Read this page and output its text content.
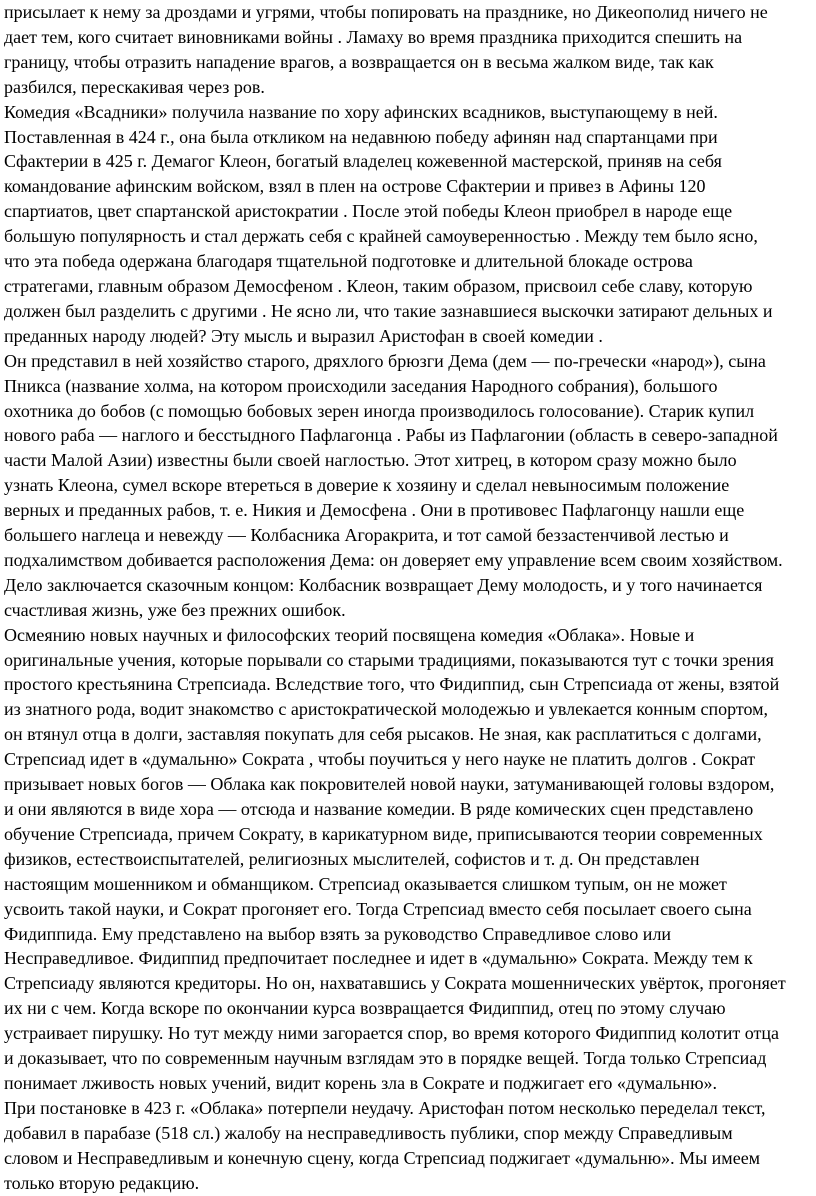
присылает к нему за дроздами и угрями, чтобы попировать на празднике, но Дикеополид ничего не
дает тем, кого считает виновниками войны . Ламаху во время праздника приходится спешить на
границу, чтобы отразить нападение врагов, а возвращается он в весьма жалком виде, так как
разбился, перескакивая через ров.

Комедия «Всадники» получила название по хору афинских всадников, выступающему в ней.
Поставленная в 424 г., она была откликом на недавнюю победу афинян над спартанцами при
Сфактерии в 425 г. Демагог Клеон, богатый владелец кожевенной мастерской, приняв на себя
командование афинским войском, взял в плен на острове Сфактерии и привез в Афины 120
спартиатов, цвет спартанской аристократии . После этой победы Клеон приобрел в народе еще
большую популярность и стал держать себя с крайней самоуверенностью . Между тем было ясно,
что эта победа одержана благодаря тщательной подготовке и длительной блокаде острова
стратегами, главным образом Демосфеном . Клеон, таким образом, присвоил себе славу, которую
должен был разделить с другими . Не ясно ли, что такие зазнавшиеся выскочки затирают дельных и
преданных народу людей? Эту мысль и выразил Аристофан в своей комедии .

Он представил в ней хозяйство старого, дряхлого брюзги Дема (дем — по-гречески «народ»), сына
Пникса (название холма, на котором происходили заседания Народного собрания), большого
охотника до бобов (с помощью бобовых зерен иногда производилось голосование). Старик купил
нового раба — наглого и бесстыдного Пафлагонца . Рабы из Пафлагонии (область в северо-западной
части Малой Азии) известны были своей наглостью. Этот хитрец, в котором сразу можно было
узнать Клеона, сумел вскоре втереться в доверие к хозяину и сделал невыносимым положение
верных и преданных рабов, т. е. Никия и Демосфена . Они в противовес Пафлагонцу нашли еще
большего наглеца и невежду — Колбасника Агоракрита, и тот самой беззастенчивой лестью и
подхалимством добивается расположения Дема: он доверяет ему управление всем своим хозяйством.
Дело заключается сказочным концом: Колбасник возвращает Дему молодость, и у того начинается
счастливая жизнь, уже без прежних ошибок.

Осмеянию новых научных и философских теорий посвящена комедия «Облака». Новые и
оригинальные учения, которые порывали со старыми традициями, показываются тут с точки зрения
простого крестьянина Стрепсиада. Вследствие того, что Фидиппид, сын Стрепсиада от жены, взятой
из знатного рода, водит знакомство с аристократической молодежью и увлекается конным спортом,
он втянул отца в долги, заставляя покупать для себя рысаков. Не зная, как расплатиться с долгами,
Стрепсиад идет в «думальню» Сократа , чтобы поучиться у него науке не платить долгов . Сократ
призывает новых богов — Облака как покровителей новой науки, затуманивающей головы вздором,
и они являются в виде хора — отсюда и название комедии. В ряде комических сцен представлено
обучение Стрепсиада, причем Сократу, в карикатурном виде, приписываются теории современных
физиков, естествоиспытателей, религиозных мыслителей, софистов и т. д. Он представлен
настоящим мошенником и обманщиком. Стрепсиад оказывается слишком тупым, он не может
усвоить такой науки, и Сократ прогоняет его. Тогда Стрепсиад вместо себя посылает своего сына
Фидиппида. Ему представлено на выбор взять за руководство Справедливое слово или
Несправедливое. Фидиппид предпочитает последнее и идет в «думальню» Сократа. Между тем к
Стрепсиаду являются кредиторы. Но он, нахватавшись у Сократа мошеннических увёрток, прогоняет
их ни с чем. Когда вскоре по окончании курса возвращается Фидиппид, отец по этому случаю
устраивает пирушку. Но тут между ними загорается спор, во время которого Фидиппид колотит отца
и доказывает, что по современным научным взглядам это в порядке вещей. Тогда только Стрепсиад
понимает лживость новых учений, видит корень зла в Сократе и поджигает его «думальню».

При постановке в 423 г. «Облака» потерпели неудачу. Аристофан потом несколько переделал текст,
добавил в парабазе (518 сл.) жалобу на несправедливость публики, спор между Справедливым
словом и Несправедливым и конечную сцену, когда Стрепсиад поджигает «думальню». Мы имеем
только вторую редакцию.
